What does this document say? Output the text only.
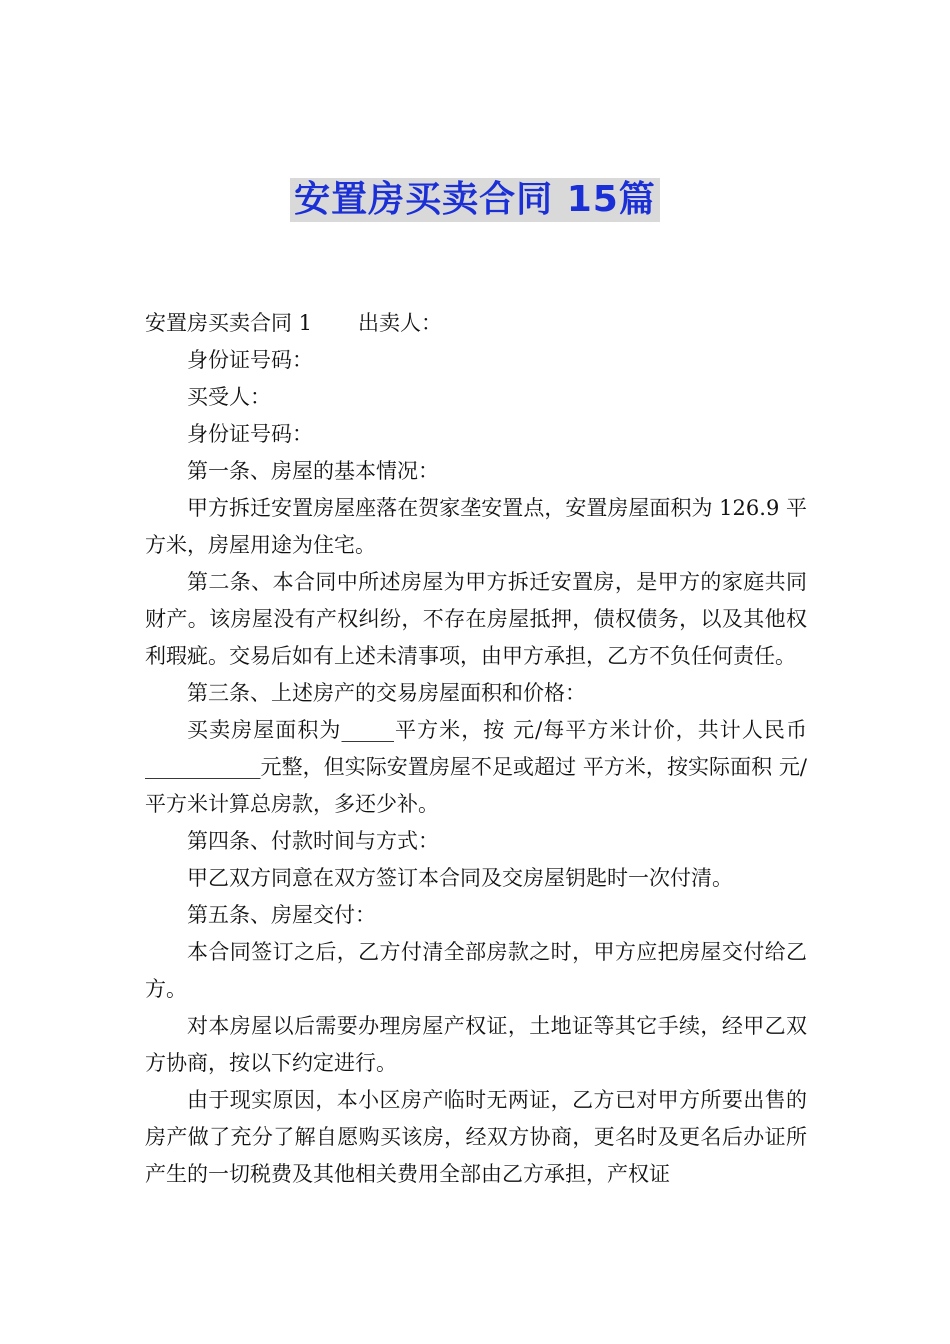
安置房买卖合同 15篇

安置房买卖合同 1 出卖人：

身份证号码：

买受人：

身份证号码：

第一条、房屋的基本情况：

甲方拆迁安置房屋座落在贺家垄安置点，安置房屋面积为 126.9 平方米，房屋用途为住宅。

第二条、本合同中所述房屋为甲方拆迁安置房，是甲方的家庭共同财产。该房屋没有产权纠纷，不存在房屋抵押，债权债务，以及其他权利瑕疵。交易后如有上述未清事项，由甲方承担，乙方不负任何责任。

第三条、上述房产的交易房屋面积和价格：

买卖房屋面积为_____平方米，按 元/每平方米计价，共计人民币___________元整，但实际安置房屋不足或超过 平方米，按实际面积 元/平方米计算总房款，多还少补。

第四条、付款时间与方式：

甲乙双方同意在双方签订本合同及交房屋钥匙时一次付清。

第五条、房屋交付：

本合同签订之后，乙方付清全部房款之时，甲方应把房屋交付给乙方。

对本房屋以后需要办理房屋产权证，土地证等其它手续，经甲乙双方协商，按以下约定进行。

由于现实原因，本小区房产临时无两证，乙方已对甲方所要出售的房产做了充分了解自愿购买该房，经双方协商，更名时及更名后办证所产生的一切税费及其他相关费用全部由乙方承担，产权证
